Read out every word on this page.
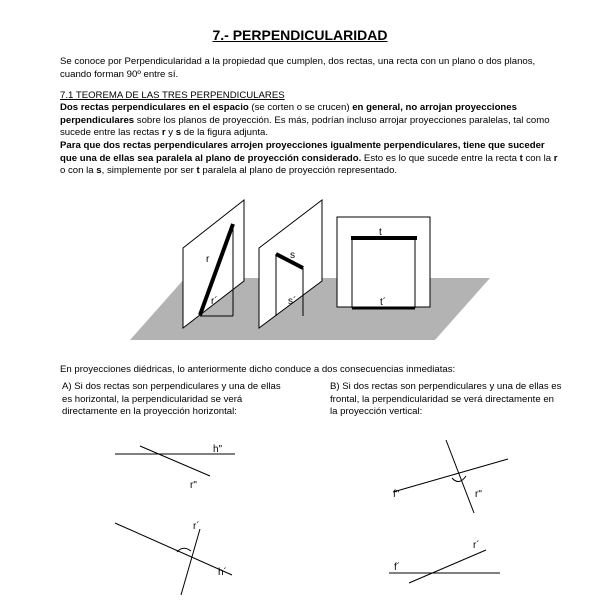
7.- PERPENDICULARIDAD
Se conoce por Perpendicularidad a la propiedad que cumplen, dos rectas, una recta con un plano o dos planos, cuando forman 90º entre sí.
7.1 TEOREMA DE LAS TRES PERPENDICULARES
Dos rectas perpendiculares en el espacio (se corten o se crucen) en general, no arrojan proyecciones perpendiculares sobre los planos de proyección. Es más, podrían incluso arrojar proyecciones paralelas, tal como sucede entre las rectas r y s de la figura adjunta.
Para que dos rectas perpendiculares arrojen proyecciones igualmente perpendiculares, tiene que suceder que una de ellas sea paralela al plano de proyección considerado. Esto es lo que sucede entre la recta t con la r o con la s, simplemente por ser t paralela al plano de proyección representado.
r
r´
s
s´
t
t´
h"
r"
r´
h´
f"	r"
r´
f´
En proyecciones diédricas, lo anteriormente dicho conduce a dos consecuencias inmediatas:
A) Si dos rectas son perpendiculares y una de ellas es horizontal, la perpendicularidad se verá directamente en la proyección horizontal:
B) Si dos rectas son perpendiculares y una de ellas es frontal, la perpendicularidad se verá directamente en la proyección vertical:
